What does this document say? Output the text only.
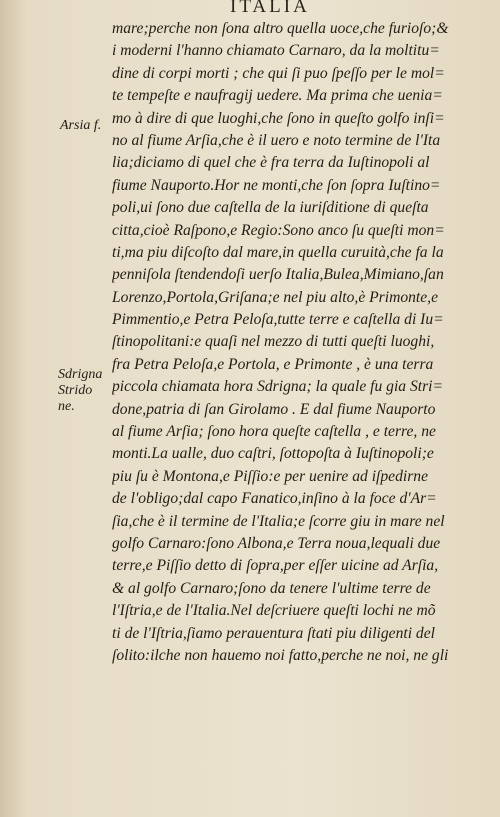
ITALIA
Arsia f.
Sdrigna
Strido
ne.
mare;perche non ſona altro quella uoce,che furioſo;&
i moderni l'hanno chiamato Carnaro, da la moltitu=
dine di corpi morti ; che qui ſi puo ſpeſſo per le mol=
te tempeſte e naufragij uedere. Ma prima che uenia=
mo à dire di que luoghi,che ſono in queſto golfo inſi=
no al fiume Arſia,che è il uero e noto termine de l'Ita
lia;diciamo di quel che è fra terra da Iuſtinopoli al
fiume Nauporto.Hor ne monti,che ſon ſopra Iuſtino=
poli,ui ſono due caſtella de la iuriſditione di queſta
citta,cioè Raſpono,e Regio:Sono anco ſu queſti mon=
ti,ma piu diſcoſto dal mare,in quella curuità,che fa la
penniſola ſtendendoſi uerſo Italia,Bulea,Mimiano,ſan
Lorenzo,Portola,Griſana;e nel piu alto,è Primonte,e
Pimmentio,e Petra Peloſa,tutte terre e caſtella di Iu=
ſtinopolitani:e quaſi nel mezzo di tutti queſti luoghi,
fra Petra Peloſa,e Portola, e Primonte , è una terra
piccola chiamata hora Sdrigna; la quale fu gia Stri=
done,patria di ſan Girolamo . E dal fiume Nauporto
al fiume Arſia; ſono hora queſte caſtella , e terre, ne
monti.La ualle, duo caſtri, ſottopoſta à Iuſtinopoli;e
piu ſu è Montona,e Piſſio:e per uenire ad iſpedirne
de l'obligo;dal capo Fanatico,inſino à la foce d'Ar=
ſia,che è il termine de l'Italia;e ſcorre giu in mare nel
golfo Carnaro:ſono Albona,e Terra noua,lequali due
terre,e Piſſio detto di ſopra,per eſſer uicine ad Arſia,
& al golfo Carnaro;ſono da tenere l'ultime terre de
l'Iſtria,e de l'Italia.Nel deſcriuere queſti lochi ne mõ
ti de l'Iſtria,ſiamo perauentura ſtati piu diligenti del
ſolito:ilche non hauemo noi fatto,perche ne noi, ne gli
